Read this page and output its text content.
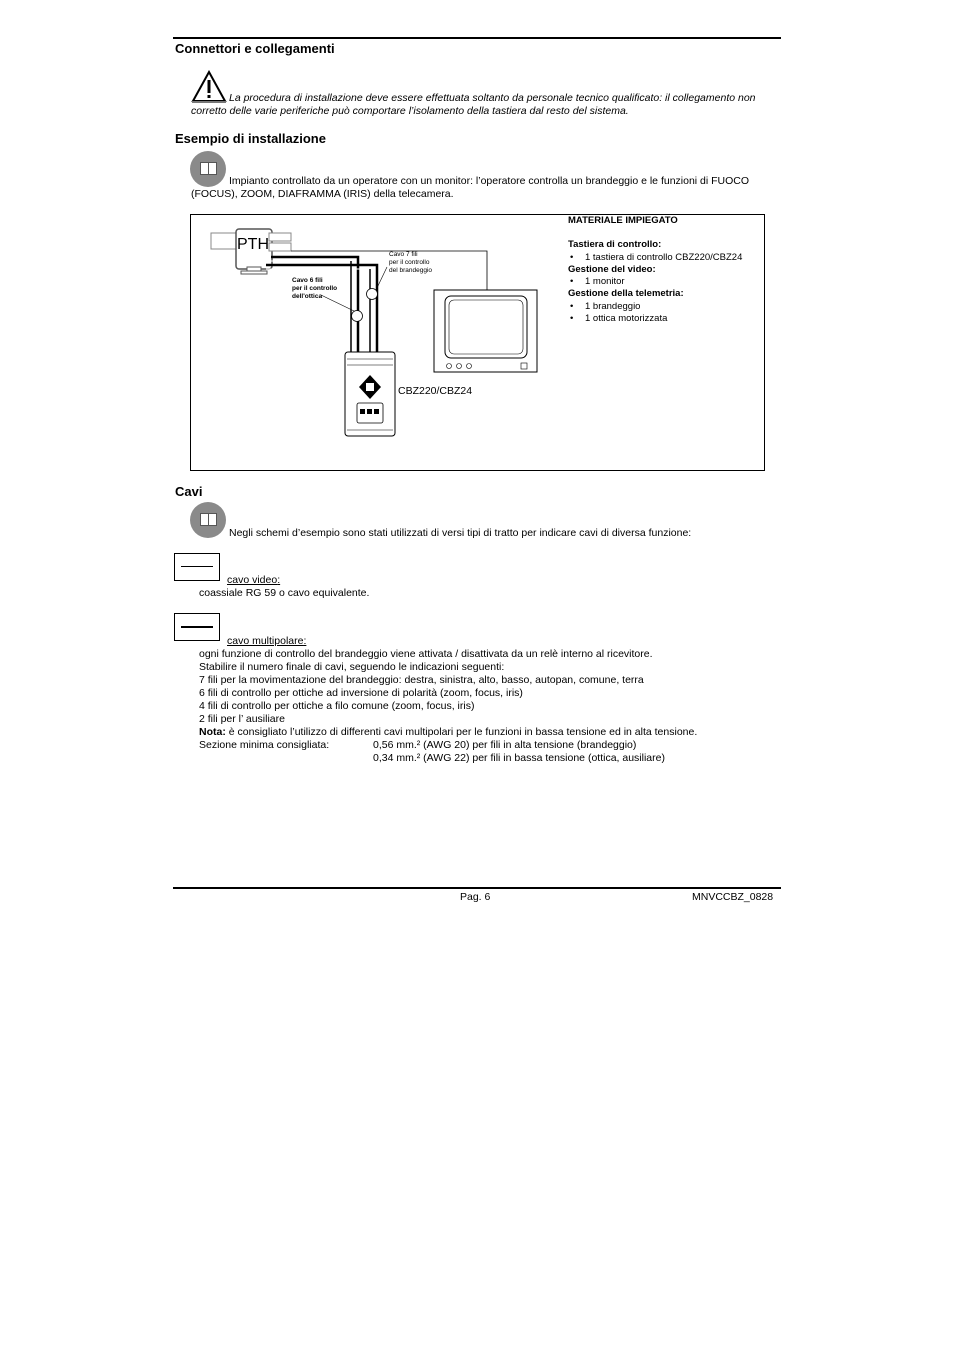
Connettori e collegamenti
La procedura di installazione deve essere effettuata soltanto da personale tecnico qualificato: il collegamento non corretto delle varie periferiche può comportare l’isolamento della tastiera dal resto del sistema.
Esempio di installazione
Impianto controllato da un operatore con un monitor: l’operatore controlla un brandeggio e le funzioni di FUOCO (FOCUS), ZOOM, DIAFRAMMA (IRIS) della telecamera.
PTH
Cavo 7 fili
per il controllo
del brandeggio
Cavo 6 fili
per il controllo
dell'ottica
CBZ220/CBZ24
MATERIALE IMPIEGATO
Tastiera di controllo:
• 1 tastiera di controllo CBZ220/CBZ24
Gestione del video:
• 1 monitor
Gestione della telemetria:
• 1 brandeggio
• 1 ottica motorizzata
Cavi
Negli schemi d’esempio sono stati utilizzati di versi tipi di tratto per indicare cavi di diversa funzione:
cavo video:
coassiale RG 59 o cavo equivalente.
cavo multipolare:
ogni funzione di controllo del brandeggio viene attivata / disattivata da un relè interno al ricevitore.
Stabilire il numero finale di cavi, seguendo le indicazioni seguenti:
7 fili per la movimentazione del brandeggio: destra, sinistra, alto, basso, autopan, comune, terra
6 fili di controllo per ottiche ad inversione di polarità (zoom, focus, iris)
4 fili di controllo per ottiche a filo comune (zoom, focus, iris)
2 fili per l’ ausiliare
Nota: è consigliato l’utilizzo di differenti cavi multipolari per le funzioni in bassa tensione ed in alta tensione.
Sezione minima consigliata:	0,56 mm.² (AWG 20) per fili in alta tensione (brandeggio)
0,34 mm.² (AWG 22) per fili in bassa tensione (ottica, ausiliare)
Pag. 6	MNVCCBZ_0828
